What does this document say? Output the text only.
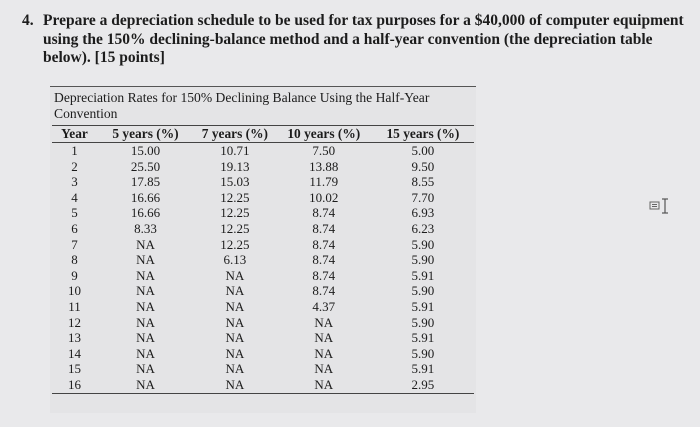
4. Prepare a depreciation schedule to be used for tax purposes for a $40,000 of computer equipment using the 150% declining-balance method and a half-year convention (the depreciation table below). [15 points]
Depreciation Rates for 150% Declining Balance Using the Half-Year Convention
Year	5 years (%)	7 years (%)	10 years (%)	15 years (%)
1	15.00	10.71	7.50	5.00
2	25.50	19.13	13.88	9.50
3	17.85	15.03	11.79	8.55
4	16.66	12.25	10.02	7.70
5	16.66	12.25	8.74	6.93
6	8.33	12.25	8.74	6.23
7	NA	12.25	8.74	5.90
8	NA	6.13	8.74	5.90
9	NA	NA	8.74	5.91
10	NA	NA	8.74	5.90
11	NA	NA	4.37	5.91
12	NA	NA	NA	5.90
13	NA	NA	NA	5.91
14	NA	NA	NA	5.90
15	NA	NA	NA	5.91
16	NA	NA	NA	2.95
